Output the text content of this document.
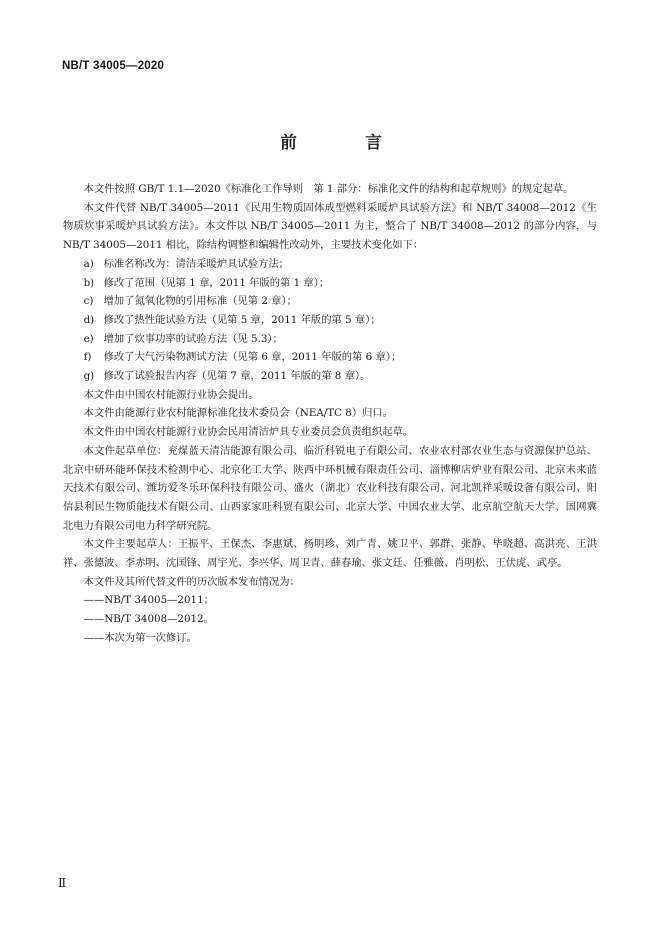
NB/T 34005—2020
前　言

本文件按照 GB/T 1.1—2020《标准化工作导则　第 1 部分：标准化文件的结构和起草规则》的规定起草。

本文件代替 NB/T 34005—2011《民用生物质固体成型燃料采暖炉具试验方法》和 NB/T 34008—2012《生物质炊事采暖炉具试验方法》。本文件以 NB/T 34005—2011 为主，整合了 NB/T 34008—2012 的部分内容，与 NB/T 34005—2011 相比，除结构调整和编辑性改动外，主要技术变化如下：

a) 标准名称改为：清洁采暖炉具试验方法；
b) 修改了范围（见第 1 章，2011 年版的第 1 章）；
c) 增加了氮氧化物的引用标准（见第 2 章）；
d) 修改了热性能试验方法（见第 5 章，2011 年版的第 5 章）；
e) 增加了炊事功率的试验方法（见 5.3）；
f) 修改了大气污染物测试方法（见第 6 章，2011 年版的第 6 章）；
g) 修改了试验报告内容（见第 7 章，2011 年版的第 8 章）。

本文件由中国农村能源行业协会提出。

本文件由能源行业农村能源标准化技术委员会（NEA/TC 8）归口。

本文件由中国农村能源行业协会民用清洁炉具专业委员会负责组织起草。

本文件起草单位：兖煤蓝天清洁能源有限公司、临沂科锐电子有限公司、农业农村部农业生态与资源保护总站、北京中研环能环保技术检测中心、北京化工大学、陕西中环机械有限责任公司、淄博柳店炉业有限公司、北京未来蓝天技术有限公司、潍坊爱冬乐环保科技有限公司、盛火（湖北）农业科技有限公司、河北凯祥采暖设备有限公司、阳信县利民生物质能技术有限公司、山西家家旺科贸有限公司、北京大学、中国农业大学、北京航空航天大学、国网冀北电力有限公司电力科学研究院。

本文件主要起草人：王振平、王保杰、李惠斌、杨明珍、刘广青、姚卫平、郭群、张静、毕晓超、高洪亮、王洪祥、张德波、李赤明、沈国锋、周宇光、李兴华、周卫青、薛春瑜、张文廷、任雅薇、肖明松、王伏虎、武亭。

本文件及其所代替文件的历次版本发布情况为：

——NB/T 34005—2011；

——NB/T 34008—2012。

——本次为第一次修订。

Ⅱ
